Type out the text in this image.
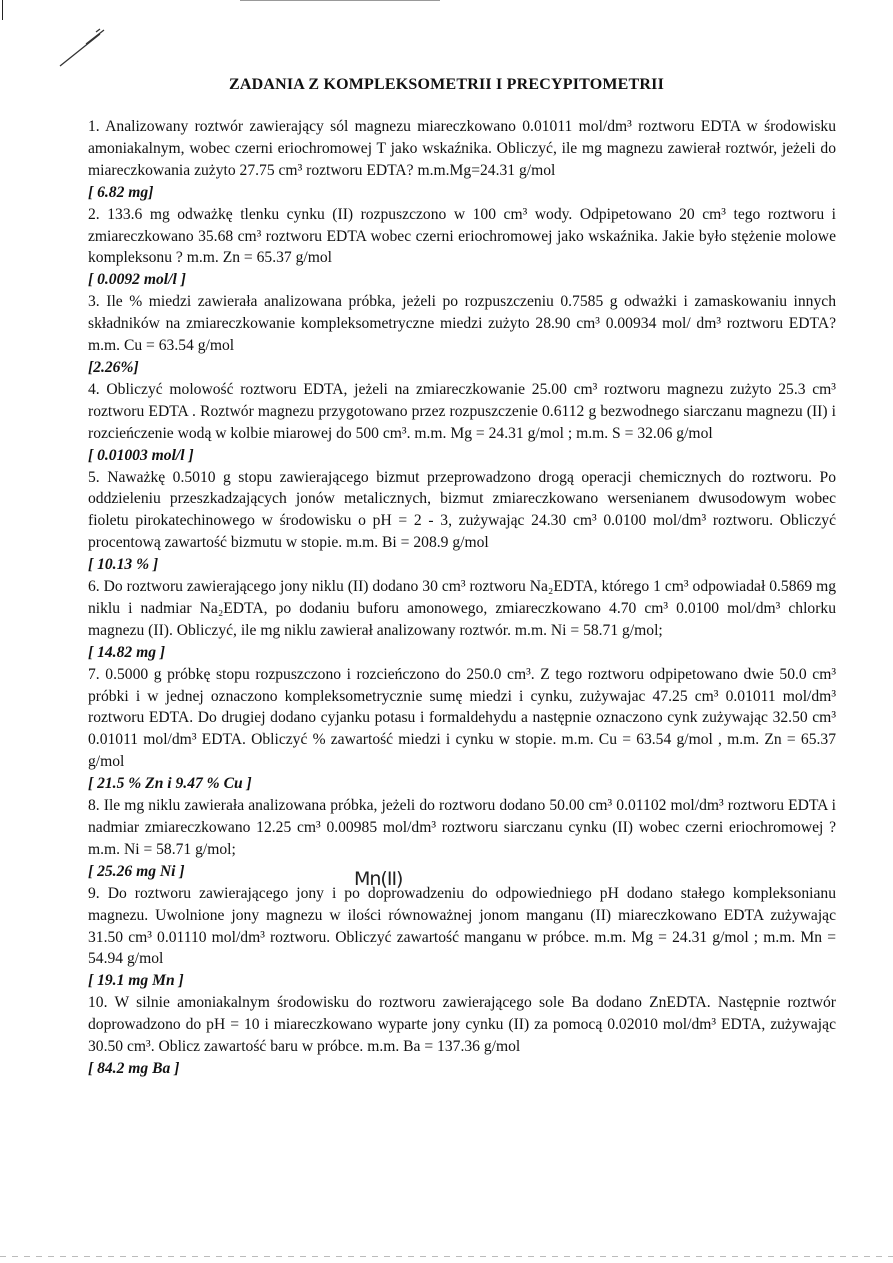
ZADANIA Z KOMPLEKSOMETRII I PRECYPITOMETRII

1. Analizowany roztwór zawierający sól magnezu miareczkowano 0.01011 mol/dm³ roztworu EDTA w środowisku amoniakalnym, wobec czerni eriochromowej T jako wskaźnika. Obliczyć, ile mg magnezu zawierał roztwór, jeżeli do miareczkowania zużyto 27.75 cm³ roztworu EDTA? m.m.Mg=24.31 g/mol

[ 6.82 mg]

2. 133.6 mg odważkę tlenku cynku (II) rozpuszczono w 100 cm³ wody. Odpipetowano 20 cm³ tego roztworu i zmiareczkowano 35.68 cm³ roztworu EDTA wobec czerni eriochromowej jako wskaźnika. Jakie było stężenie molowe kompleksonu ? m.m. Zn = 65.37 g/mol

[ 0.0092 mol/l ]

3. Ile % miedzi zawierała analizowana próbka, jeżeli po rozpuszczeniu 0.7585 g odważki i zamaskowaniu innych składników na zmiareczkowanie kompleksometryczne miedzi zużyto 28.90 cm³ 0.00934 mol/ dm³ roztworu EDTA? m.m. Cu = 63.54 g/mol

[2.26%]

4. Obliczyć molowość roztworu EDTA, jeżeli na zmiareczkowanie 25.00 cm³ roztworu magnezu zużyto 25.3 cm³ roztworu EDTA . Roztwór magnezu przygotowano przez rozpuszczenie 0.6112 g bezwodnego siarczanu magnezu (II) i rozcieńczenie wodą w kolbie miarowej do 500 cm³. m.m. Mg = 24.31 g/mol ; m.m. S = 32.06 g/mol

[ 0.01003 mol/l ]

5. Naważkę 0.5010 g stopu zawierającego bizmut przeprowadzono drogą operacji chemicznych do roztworu. Po oddzieleniu przeszkadzających jonów metalicznych, bizmut zmiareczkowano wersenianem dwusodowym wobec fioletu pirokatechinowego w środowisku o pH = 2 - 3, zużywając 24.30 cm³ 0.0100 mol/dm³ roztworu. Obliczyć procentową zawartość bizmutu w stopie. m.m. Bi = 208.9 g/mol

[ 10.13 % ]

6. Do roztworu zawierającego jony niklu (II) dodano 30 cm³ roztworu Na₂EDTA, którego 1 cm³ odpowiadał 0.5869 mg niklu i nadmiar Na₂EDTA, po dodaniu buforu amonowego, zmiareczkowano 4.70 cm³ 0.0100 mol/dm³ chlorku magnezu (II). Obliczyć, ile mg niklu zawierał analizowany roztwór. m.m. Ni = 58.71 g/mol;

[ 14.82 mg ]

7. 0.5000 g próbkę stopu rozpuszczono i rozcieńczono do 250.0 cm³. Z tego roztworu odpipetowano dwie 50.0 cm³ próbki i w jednej oznaczono kompleksometrycznie sumę miedzi i cynku, zużywajac 47.25 cm³ 0.01011 mol/dm³ roztworu EDTA. Do drugiej dodano cyjanku potasu i formaldehydu a następnie oznaczono cynk zużywając 32.50 cm³ 0.01011 mol/dm³ EDTA. Obliczyć % zawartość miedzi i cynku w stopie. m.m. Cu = 63.54 g/mol , m.m. Zn = 65.37 g/mol

[ 21.5 % Zn i 9.47 % Cu ]

8. Ile mg niklu zawierała analizowana próbka, jeżeli do roztworu dodano 50.00 cm³ 0.01102 mol/dm³ roztworu EDTA i nadmiar zmiareczkowano 12.25 cm³ 0.00985 mol/dm³ roztworu siarczanu cynku (II) wobec czerni eriochromowej ? m.m. Ni = 58.71 g/mol;

[ 25.26 mg Ni ]

9. Do roztworu zawierającego jony i po doprowadzeniu do odpowiedniego pH dodano stałego kompleksonianu magnezu. Uwolnione jony magnezu w ilości równoważnej jonom manganu (II) miareczkowano EDTA zużywając 31.50 cm³ 0.01110 mol/dm³ roztworu. Obliczyć zawartość manganu w próbce. m.m. Mg = 24.31 g/mol ; m.m. Mn = 54.94 g/mol

[ 19.1 mg Mn ]

10. W silnie amoniakalnym środowisku do roztworu zawierającego sole Ba dodano ZnEDTA. Następnie roztwór doprowadzono do pH = 10 i miareczkowano wyparte jony cynku (II) za pomocą 0.02010 mol/dm³ EDTA, zużywając 30.50 cm³. Oblicz zawartość baru w próbce. m.m. Ba = 137.36 g/mol

[ 84.2 mg Ba ]

Mn(II)
